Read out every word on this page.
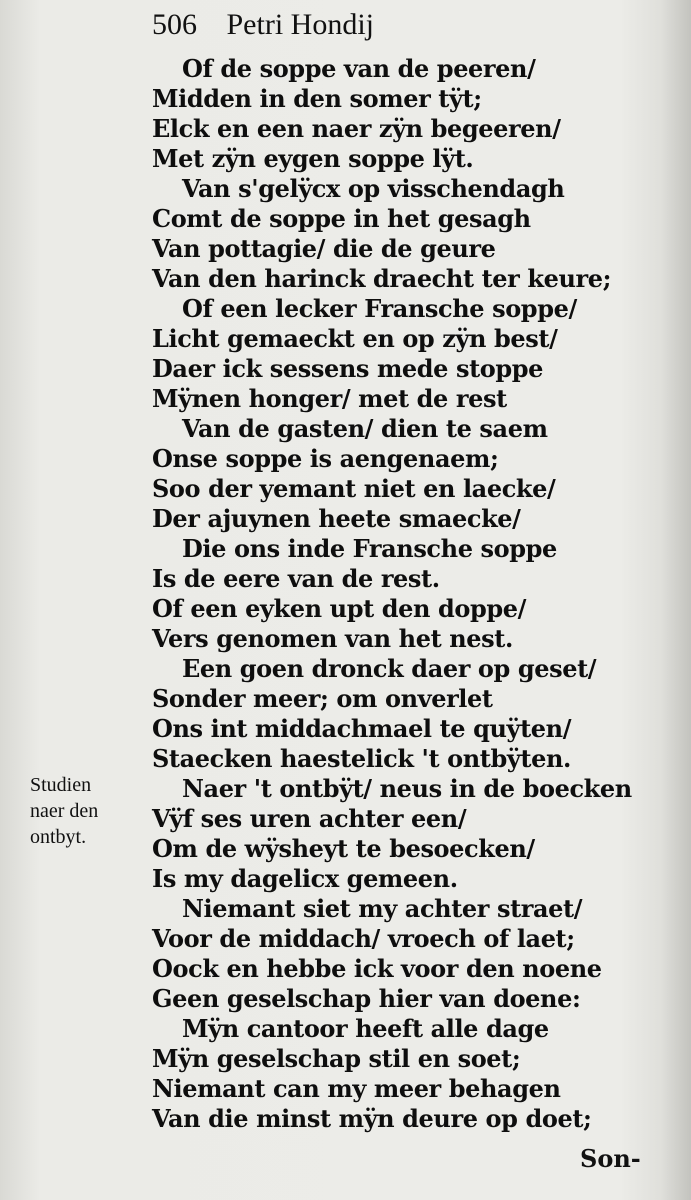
506 Petri Hondij
Of de soppe van de peeren/
Midden in den somer tÿt;
Elck en een naer zÿn begeeren/
Met zÿn eygen soppe lÿt.
Van s'gelÿcx op visschendagh
Comt de soppe in het gesagh
Van pottagie/ die de geure
Van den harinck draecht ter keure;
Of een lecker Fransche soppe/
Licht gemaeckt en op zÿn best/
Daer ick sessens mede stoppe
Mÿnen honger/ met de rest
Van de gasten/ dien te saem
Onse soppe is aengenaem;
Soo der yemant niet en laecke/
Der ajuynen heete smaecke/
Die ons inde Fransche soppe
Is de eere van de rest.
Of een eyken upt den doppe/
Vers genomen van het nest.
Een goen dronck daer op geset/
Sonder meer; om onverlet
Ons int middachmael te quÿten/
Staecken haestelick 't ontbÿten.
Naer 't ontbÿt/ neus in de boecken
Vÿf ses uren achter een/
Om de wÿsheyt te besoecken/
Is my dagelicx gemeen.
Niemant siet my achter straet/
Voor de middach/ vroech of laet;
Oock en hebbe ick voor den noene
Geen geselschap hier van doene:
Mÿn cantoor heeft alle dage
Mÿn geselschap stil en soet;
Niemant can my meer behagen
Van die minst mÿn deure op doet;
Studien
naer den
ontbyt.
Son-
